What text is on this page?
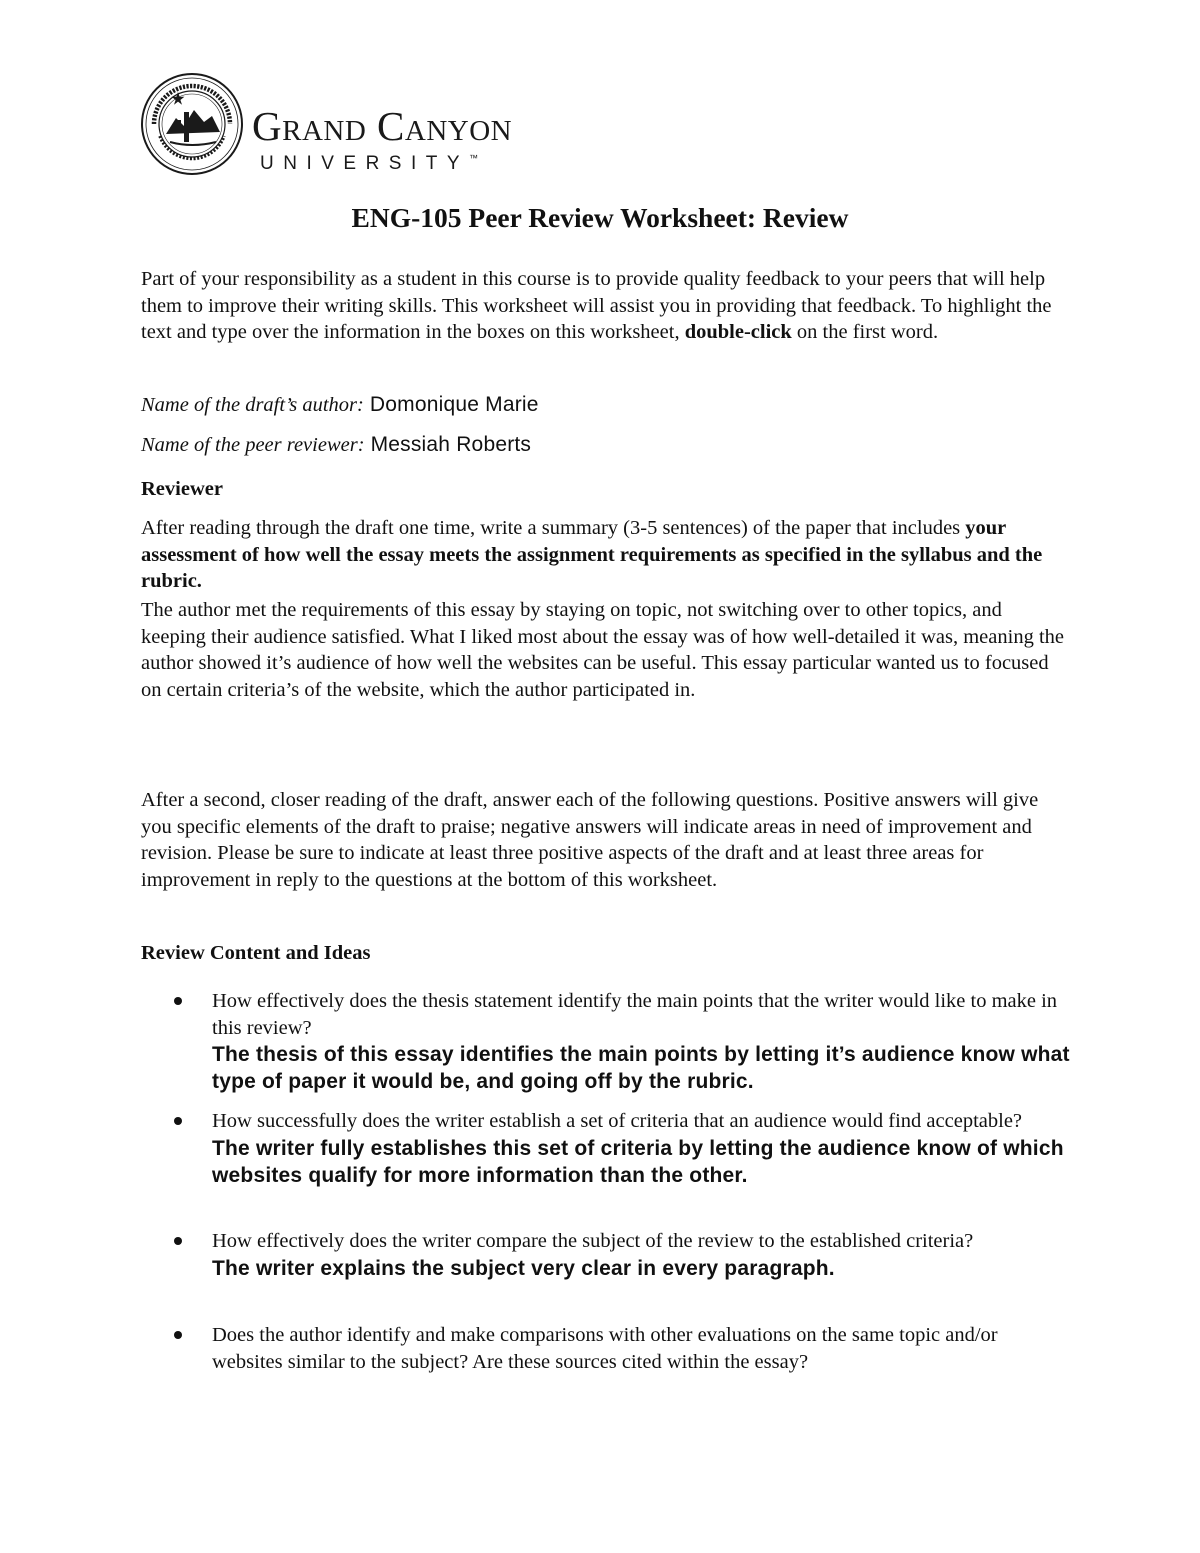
Grand Canyon
UNIVERSITY™
ENG-105 Peer Review Worksheet: Review

Part of your responsibility as a student in this course is to provide quality feedback to your peers that will help them to improve their writing skills. This worksheet will assist you in providing that feedback. To highlight the text and type over the information in the boxes on this worksheet, double-click on the first word.

Name of the draft’s author: Domonique Marie

Name of the peer reviewer: Messiah Roberts

Reviewer

After reading through the draft one time, write a summary (3-5 sentences) of the paper that includes your assessment of how well the essay meets the assignment requirements as specified in the syllabus and the rubric.

The author met the requirements of this essay by staying on topic, not switching over to other topics, and keeping their audience satisfied. What I liked most about the essay was of how well-detailed it was, meaning the author showed it’s audience of how well the websites can be useful. This essay particular wanted us to focused on certain criteria’s of the website, which the author participated in.

After a second, closer reading of the draft, answer each of the following questions. Positive answers will give you specific elements of the draft to praise; negative answers will indicate areas in need of improvement and revision. Please be sure to indicate at least three positive aspects of the draft and at least three areas for improvement in reply to the questions at the bottom of this worksheet.

Review Content and Ideas

How effectively does the thesis statement identify the main points that the writer would like to make in this review?
The thesis of this essay identifies the main points by letting it’s audience know what type of paper it would be, and going off by the rubric.
How successfully does the writer establish a set of criteria that an audience would find acceptable?
The writer fully establishes this set of criteria by letting the audience know of which websites qualify for more information than the other.
How effectively does the writer compare the subject of the review to the established criteria?
The writer explains the subject very clear in every paragraph.
Does the author identify and make comparisons with other evaluations on the same topic and/or websites similar to the subject? Are these sources cited within the essay?
